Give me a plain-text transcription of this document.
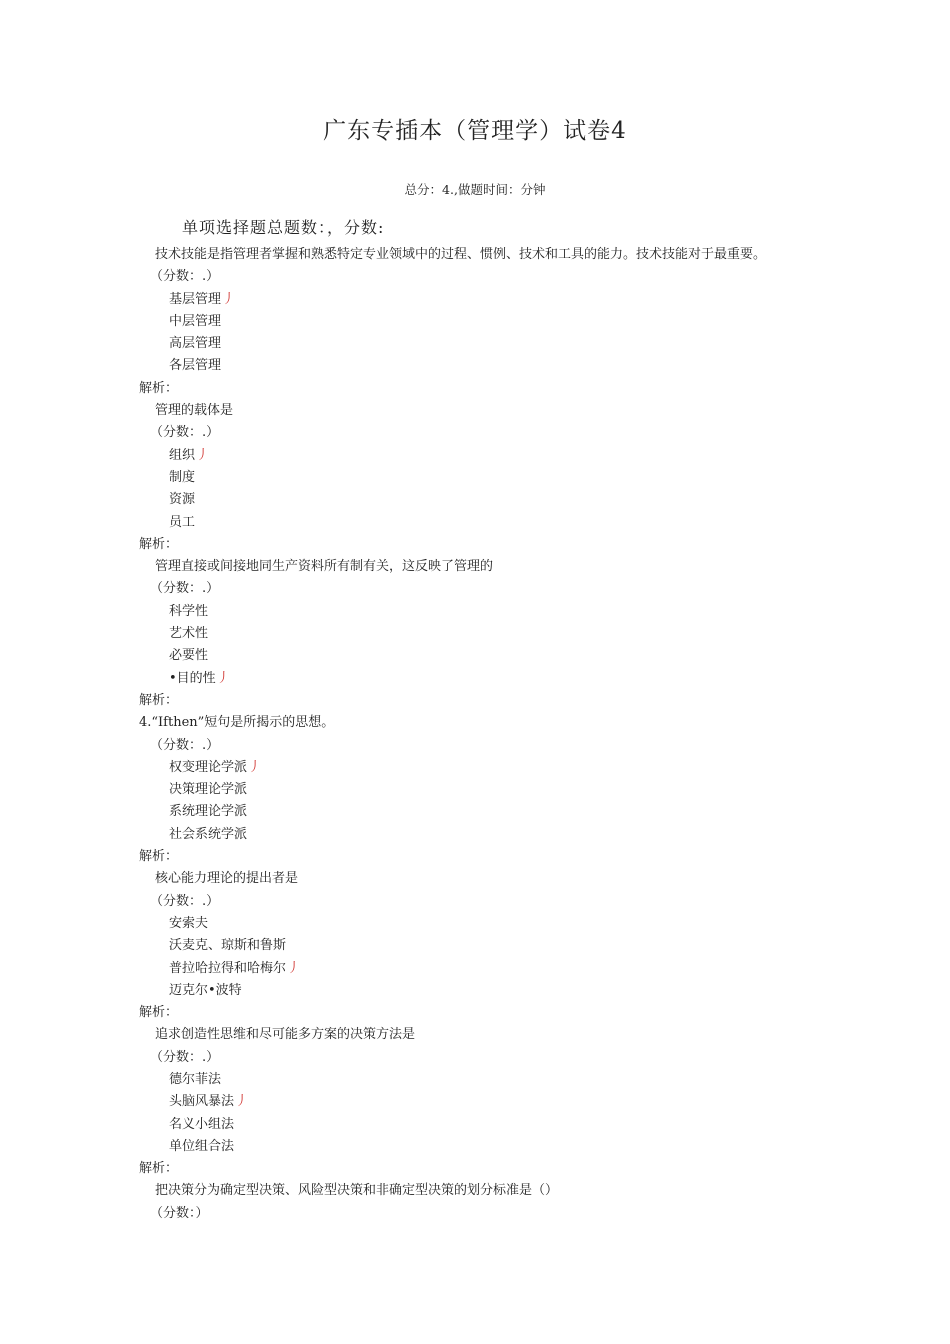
广东专插本（管理学）试卷4
总分：4.,做题时间：分钟
单项选择题总题数：，分数:
技术技能是指管理者掌握和熟悉特定专业领域中的过程、惯例、技术和工具的能力。技术技能对于最重要。
（分数：.）
基层管理丿
中层管理
高层管理
各层管理
解析：
管理的载体是
（分数：.）
组织丿
制度
资源
员工
解析：
管理直接或间接地同生产资料所有制有关，这反映了管理的
（分数：.）
科学性
艺术性
必要性
•目的性丿
解析：
4.“Ifthen”短句是所揭示的思想。
（分数：.）
权变理论学派丿
决策理论学派
系统理论学派
社会系统学派
解析：
核心能力理论的提出者是
（分数：.）
安索夫
沃麦克、琼斯和鲁斯
普拉哈拉得和哈梅尔丿
迈克尔•波特
解析：
追求创造性思维和尽可能多方案的决策方法是
（分数：.）
德尔菲法
头脑风暴法丿
名义小组法
单位组合法
解析：
把决策分为确定型决策、风险型决策和非确定型决策的划分标准是（）
（分数：）
